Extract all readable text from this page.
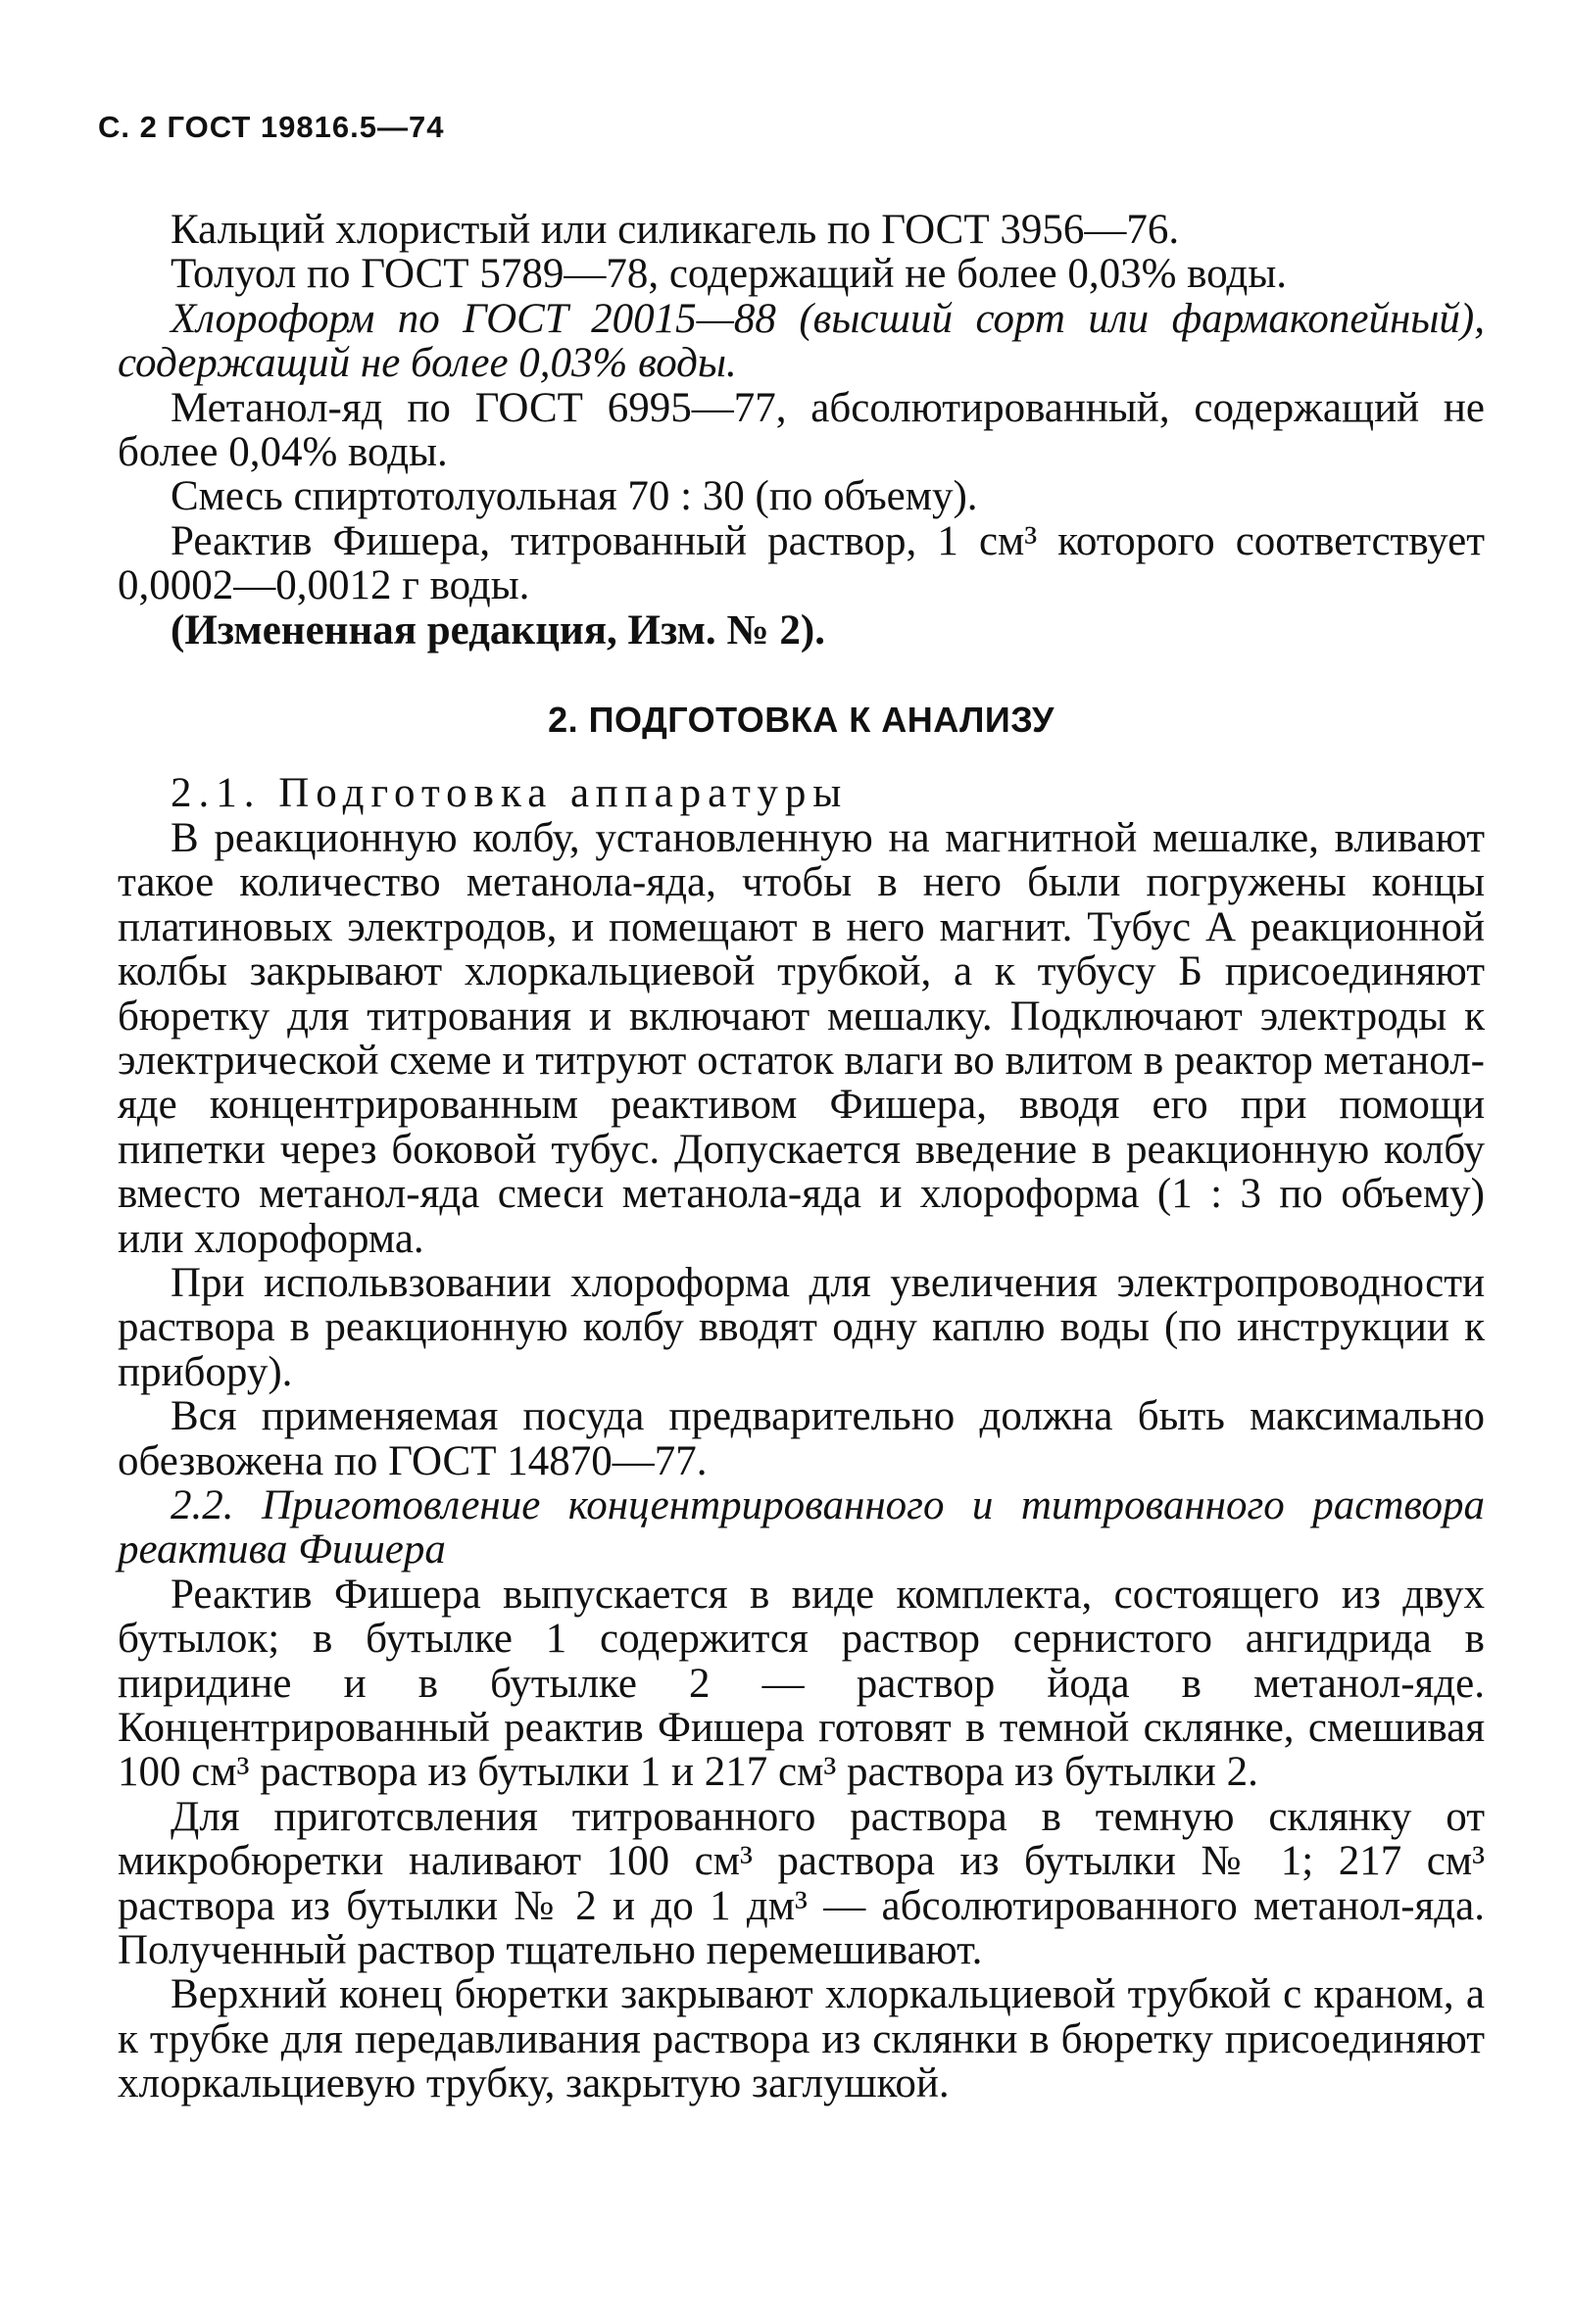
С. 2 ГОСТ 19816.5—74

Кальций хлористый или силикагель по ГОСТ 3956—76.

Толуол по ГОСТ 5789—78, содержащий не более 0,03% воды.

Хлороформ по ГОСТ 20015—88 (высший сорт или фармакопейный), содержащий не более 0,03% воды.

Метанол-яд по ГОСТ 6995—77, абсолютированный, содержащий не более 0,04% воды.

Смесь спиртотолуольная 70 : 30 (по объему).

Реактив Фишера, титрованный раствор, 1 см³ которого соответствует 0,0002—0,0012 г воды.

(Измененная редакция, Изм. № 2).

2. ПОДГОТОВКА К АНАЛИЗУ

2.1. Подготовка аппаратуры

В реакционную колбу, установленную на магнитной мешалке, вливают такое количество метанола-яда, чтобы в него были погружены концы платиновых электродов, и помещают в него магнит. Тубус А реакционной колбы закрывают хлоркальциевой трубкой, а к тубусу Б присоединяют бюретку для титрования и включают мешалку. Подключают электроды к электрической схеме и титруют остаток влаги во влитом в реактор метанол-яде концентрированным реактивом Фишера, вводя его при помощи пипетки через боковой тубус. Допускается введение в реакционную колбу вместо метанол-яда смеси метанола-яда и хлороформа (1 : 3 по объему) или хлороформа.

При испольвзовании хлороформа для увеличения электропроводности раствора в реакционную колбу вводят одну каплю воды (по инструкции к прибору).

Вся применяемая посуда предварительно должна быть максимально обезвожена по ГОСТ 14870—77.

2.2. Приготовление концентрированного и титрованного раствора реактива Фишера

Реактив Фишера выпускается в виде комплекта, состоящего из двух бутылок; в бутылке 1 содержится раствор сернистого ангидрида в пиридине и в бутылке 2 — раствор йода в метанол-яде. Концентрированный реактив Фишера готовят в темной склянке, смешивая 100 см³ раствора из бутылки 1 и 217 см³ раствора из бутылки 2.

Для приготсвления титрованного раствора в темную склянку от микробюретки наливают 100 см³ раствора из бутылки № 1; 217 см³ раствора из бутылки № 2 и до 1 дм³ — абсолютированного метанол-яда. Полученный раствор тщательно перемешивают.

Верхний конец бюретки закрывают хлоркальциевой трубкой с краном, а к трубке для передавливания раствора из склянки в бюретку присоединяют хлоркальциевую трубку, закрытую заглушкой.
